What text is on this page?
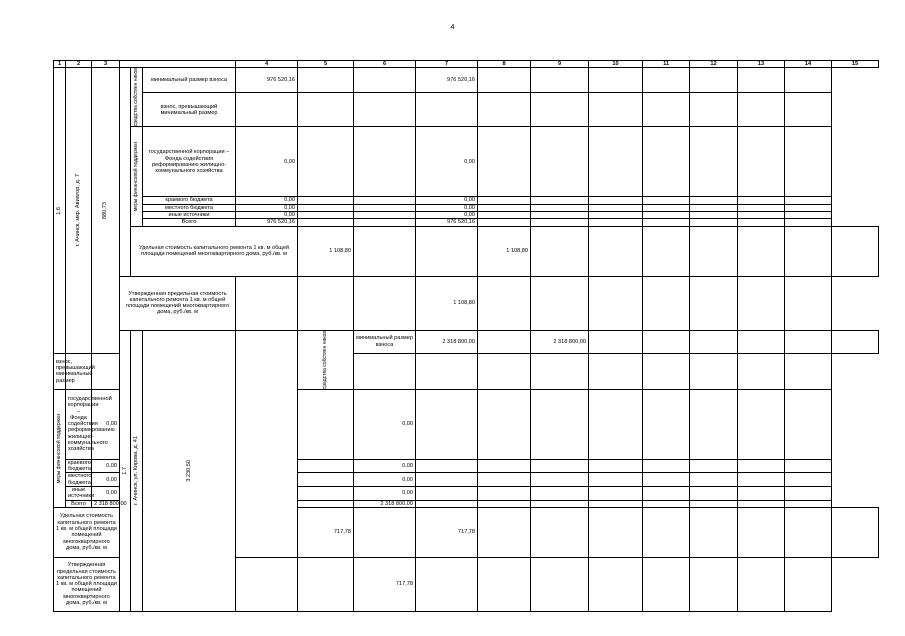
4
1	2	3				4	5	6	7	8	9	10	11	12	13	14	15	

1.6	г. Ачинск, мкр. Авиатор, д. 7	880,73		средства собствен ников	минимальный размер взноса	976 520,16			976 520,16									
					взнос, превышающий минимальный размер													

				меры финансовой поддержки	государственной корпорации – Фонда содействия реформированию жилищно-коммунального хозяйства	0,00			0,00									
					краевого бюджета	0,00			0,00									
					местного бюджета	0,00			0,00									
					иные источники	0,00			0,00									
					Всего	976 520,16			976 520,16									
				Удельная стоимость капитального ремонта 1 кв. м общей площади помещений многоквартирного дома, руб./кв. м			1 108,80			1 108,80								
			Утвержденная предельная стоимость капитального ремонта 1 кв. м общей площади помещений многоквартирного дома, руб./кв. м						1 108,80									

			1.7	г. Ачинск, ул. Кирова, д. 41	3 230,50		средства собствен ников	минимальный размер взноса	2 318 800,00		2 318 800,00								
взнос, превышающий минимальный размер																		

меры финансовой поддержки	государственной корпорации – Фонда содействия реформированию жилищно-коммунального хозяйства	0,00						0,00										
	краевого бюджета	0,00						0,00										
	местного бюджета	0,00						0,00										
	иные источники	0,00						0,00										
	Всего	2 318 800,00						2 318 800,00										
Удельная стоимость капитального ремонта 1 кв. м общей площади помещений многоквартирного дома, руб./кв. м							717,78		717,78									
Утвержденная предельная стоимость капитального ремонта 1 кв. м общей площади помещений многоквартирного дома, руб./кв. м								717,78										
